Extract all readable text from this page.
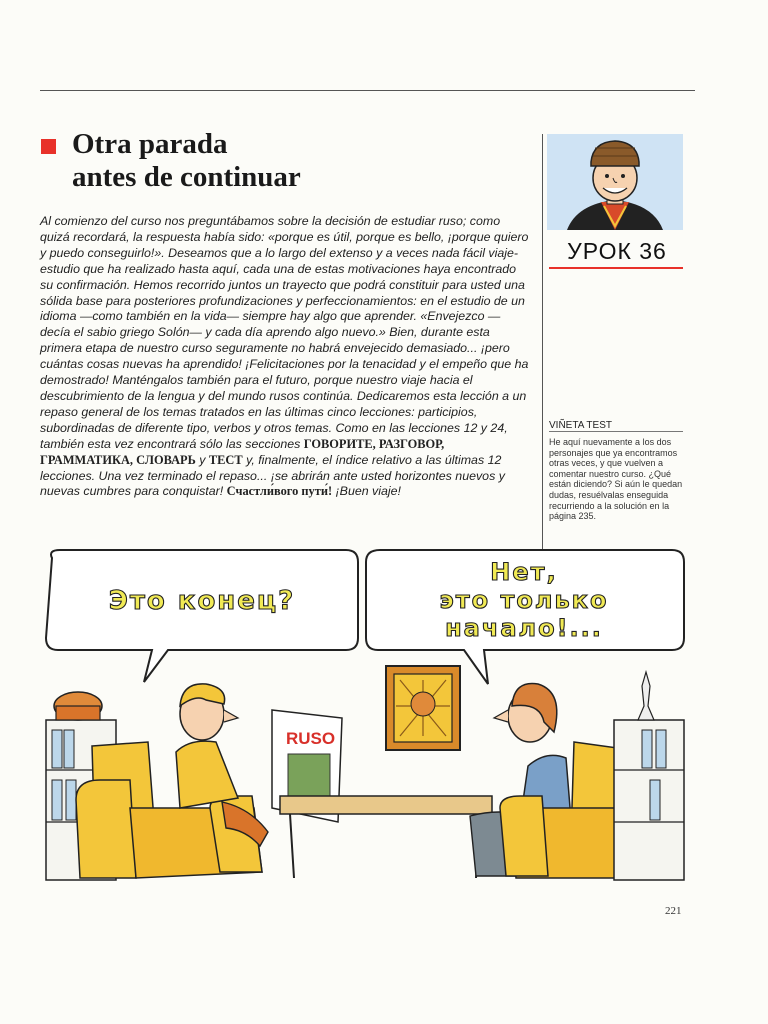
Otra parada
antes de continuar
Al comienzo del curso nos preguntábamos sobre la decisión de estudiar ruso; como quizá recordará, la respuesta había sido: «porque es útil, porque es bello, ¡porque quiero y puedo conseguirlo!». Deseamos que a lo largo del extenso y a veces nada fácil viaje-estudio que ha realizado hasta aquí, cada una de estas motivaciones haya encontrado su confirmación. Hemos recorrido juntos un trayecto que podrá constituir para usted una sólida base para posteriores profundizaciones y perfeccionamientos: en el estudio de un idioma —como también en la vida— siempre hay algo que aprender. «Envejezco —decía el sabio griego Solón— y cada día aprendo algo nuevo.» Bien, durante esta primera etapa de nuestro curso seguramente no habrá envejecido demasiado... ¡pero cuántas cosas nuevas ha aprendido! ¡Felicitaciones por la tenacidad y el empeño que ha demostrado! Manténgalos también para el futuro, porque nuestro viaje hacia el descubrimiento de la lengua y del mundo rusos continúa. Dedicaremos esta lección a un repaso general de los temas tratados en las últimas cinco lecciones: participios, subordinadas de diferente tipo, verbos y otros temas. Como en las lecciones 12 y 24, también esta vez encontrará sólo las secciones ГОВОРИТЕ, РАЗГОВОР, ГРАММАТИКА, СЛОВАРЬ y ТЕСТ y, finalmente, el índice relativo a las últimas 12 lecciones. Una vez terminado el repaso... ¡se abrirán ante usted horizontes nuevos y nuevas cumbres para conquistar! Счастли́вого пути́! ¡Buen viaje!
УРОК 36
VIÑETA TEST
He aquí nuevamente a los dos personajes que ya encontramos otras veces, y que vuelven a comentar nuestro curso. ¿Qué están diciendo? Si aún le quedan dudas, resuélvalas enseguida recurriendo a la solución en la página 235.
Это конец?
Нет,
это только
начало!...
RUSO
221
